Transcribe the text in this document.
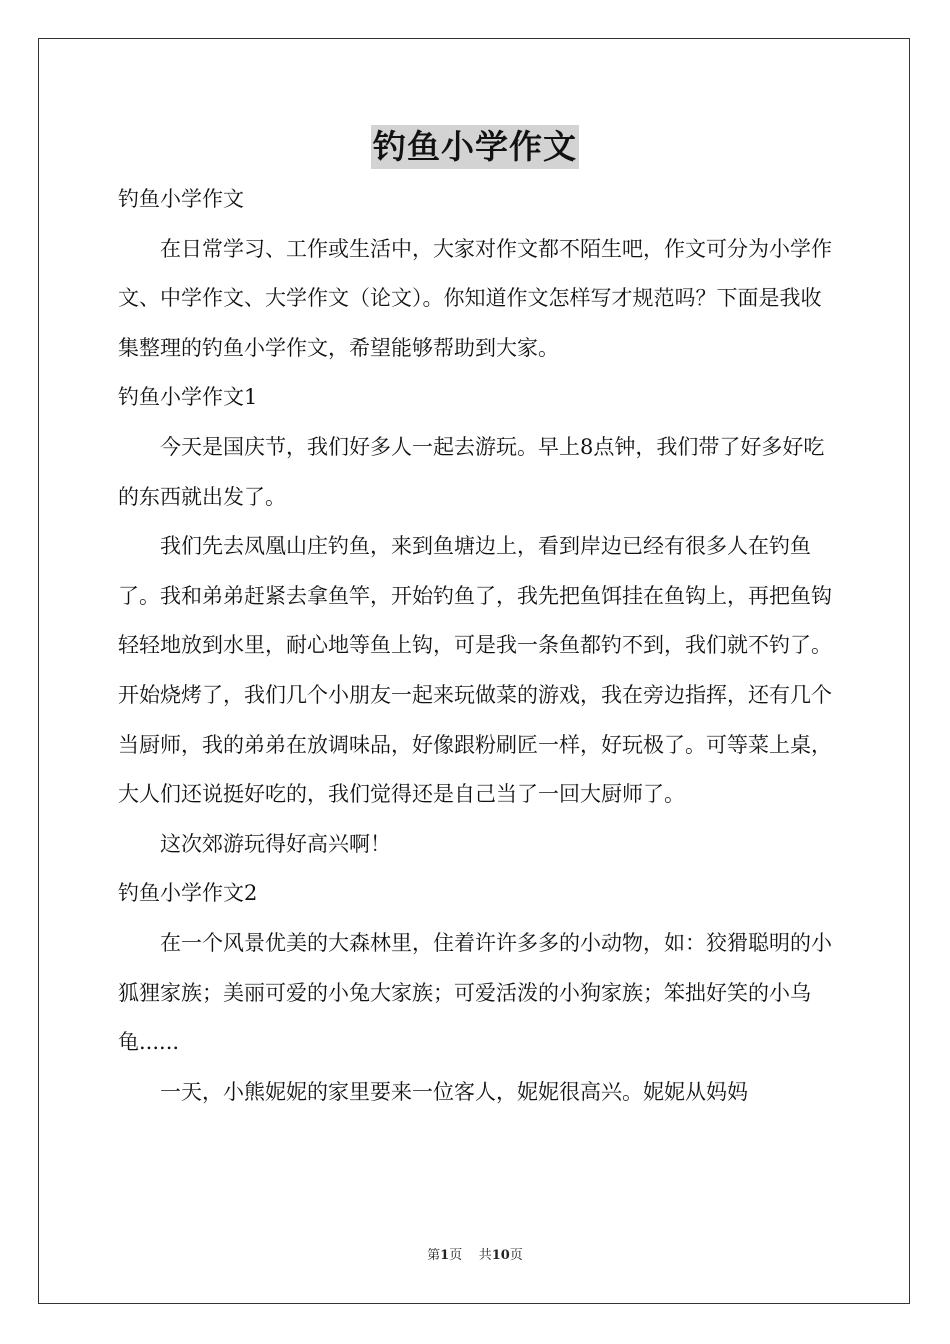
钓鱼小学作文

钓鱼小学作文

在日常学习、工作或生活中，大家对作文都不陌生吧，作文可分为小学作文、中学作文、大学作文（论文）。你知道作文怎样写才规范吗？下面是我收集整理的钓鱼小学作文，希望能够帮助到大家。

钓鱼小学作文1

今天是国庆节，我们好多人一起去游玩。早上8点钟，我们带了好多好吃的东西就出发了。

我们先去凤凰山庄钓鱼，来到鱼塘边上，看到岸边已经有很多人在钓鱼了。我和弟弟赶紧去拿鱼竿，开始钓鱼了，我先把鱼饵挂在鱼钩上，再把鱼钩轻轻地放到水里，耐心地等鱼上钩，可是我一条鱼都钓不到，我们就不钓了。开始烧烤了，我们几个小朋友一起来玩做菜的游戏，我在旁边指挥，还有几个当厨师，我的弟弟在放调味品，好像跟粉刷匠一样，好玩极了。可等菜上桌，大人们还说挺好吃的，我们觉得还是自己当了一回大厨师了。

这次郊游玩得好高兴啊！

钓鱼小学作文2

在一个风景优美的大森林里，住着许许多多的小动物，如：狡猾聪明的小狐狸家族；美丽可爱的小兔大家族；可爱活泼的小狗家族；笨拙好笑的小乌龟......

一天，小熊妮妮的家里要来一位客人，妮妮很高兴。妮妮从妈妈

第1页 共10页
